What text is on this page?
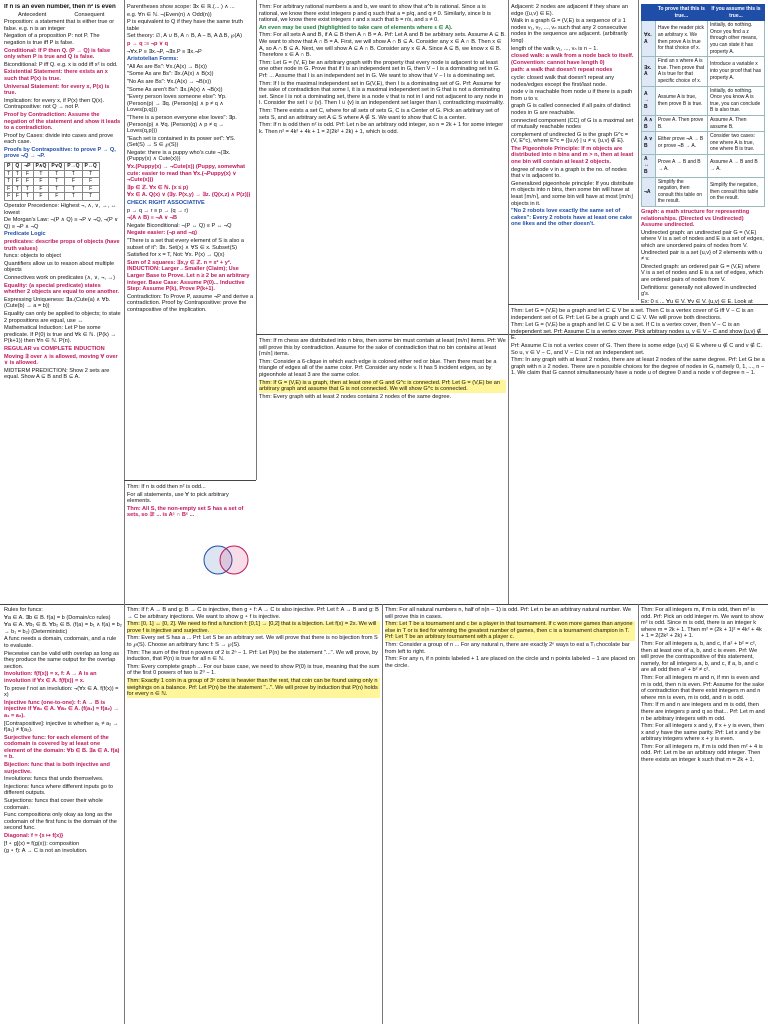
If n is an even number, then n² is even

Antecedent	Consequent

Proposition: a statement that is either true or false. e.g. n is an integer

Negation of a proposition P: not P. The negation is true iff P is false.

Conditional: If P then Q. (P → Q) is false only when P is true and Q is false.

Biconditional: P iff Q. e.g. x is odd iff x² is odd.

Existential Statement: there exists an x such that P(x) is true.

Universal Statement: for every x, P(x) is true.

Implication: for every x, if P(x) then Q(x). Contrapositive: not Q → not P.

Proof by Contradiction: Assume the negation of the statement and show it leads to a contradiction.

Proof by Cases: divide into cases and prove each case.

Proofs by Contrapositive: to prove P → Q, prove ¬Q → ¬P.

P	Q	¬P	P∧Q	P∨Q	P→Q	P↔Q
T	T	F	T	T	T	T
T	F	F	F	T	F	F
F	T	T	F	T	T	F
F	F	T	F	F	T	T

Operator Precedence: Highest ¬, ∧, ∨, →, ↔ lowest

De Morgan's Law: ¬(P ∧ Q) ≡ ¬P ∨ ¬Q, ¬(P ∨ Q) ≡ ¬P ∧ ¬Q

Predicate Logic

predicates: describe props of objects (have truth values)

funcs: objects to object

Quantifiers allow us to reason about multiple objects

Connectives work on predicates (∧, ∨, ¬, →)

Equality: (a special predicate) states whether 2 objects are equal to one another.

Expressing Uniqueness: ∃a.(Cute(a) ∧ ∀b.(Cute(b) → a = b))

Equality can only be applied to objects; to state 2 propositions are equal, use ↔

Mathematical Induction: Let P be some predicate. If P(0) is true and ∀k ∈ ℕ. (P(k) → P(k+1)) then ∀n ∈ ℕ. P(n).

REGULAR vs COMPLETE INDUCTION

Moving ∃ over ∧ is allowed, moving ∀ over ∨ is allowed.

MIDTERM PREDICTION: Show 2 sets are equal. Show A ⊆ B and B ⊆ A.

Parentheses show scope: ∃x ∈ ℝ.(... ) ∧ ...

e.g. ∀n ∈ ℕ. ¬(Even(n) ∧ Odd(n))

P is equivalent to Q if they have the same truth table

Set theory: ∅, A ∪ B, A ∩ B, A − B, A Δ B, ℘(A)

p → q :≡ ¬p ∨ q

¬∀x.P ≡ ∃x.¬P, ¬∃x.P ≡ ∃x.¬P

Aristotelian Forms:

"All As are Bs": ∀x.(A(x) → B(x))

"Some As are Bs": ∃x.(A(x) ∧ B(x))

"No As are Bs": ∀x.(A(x) → ¬B(x))

"Some As aren't Bs": ∃x.(A(x) ∧ ¬B(x))

"Every person loves someone else": ∀p. (Person(p) → ∃q. (Person(q) ∧ p ≠ q ∧ Loves(p,q)))

"There is a person everyone else loves": ∃p. (Person(p) ∧ ∀q. (Person(q) ∧ p ≠ q → Loves(q,p)))

"Each set is contained in its power set": ∀S. (Set(S) → S ∈ ℘(S))

Negate: there is a puppy who's cute ¬(∃x. (Puppy(x) ∧ Cute(x)))

∀x.(Puppy(x) → ¬Cute(x)) (Puppy, somewhat cute: easier to read than ∀x.(¬Puppy(x) ∨ ¬Cute(x)))

∃p ∈ ℤ. ∀x ∈ ℕ. (x ≤ p)

∀x ∈ A. Q(x) ∨ (∃y. P(x,y) → ∃z. (Q(x,z) ∧ P(z)))

CHECK RIGHT ASSOCIATIVE

p → q → r ≡ p → (q → r)

¬(A ∧ B) ≡ ¬A ∨ ¬B

Negate Biconditional: ¬(P ↔ Q) ≡ P ↔ ¬Q

Negate easier: (¬p and ¬q)

"There is a set that every element of S is also a subset of it": ∃x. Set(x) ∧ ∀S ∈ x. Subset(S)

Satisfied for x = T, Not: ∀x. P(x) → Q(x)

Sum of 2 squares: ∃x,y ∈ ℤ. n = x² + y². INDUCTION: Larger→Smaller (Claim); Use Larger Base to Prove. Let n ≥ 2 be an arbitrary integer. Base Case: Assume P(0)... Inductive Step: Assume P(k), Prove P(k+1).

Contradiction: To Prove P, assume ¬P and derive a contradiction. Proof by Contrapositive: prove the contrapositive of the implication.

Thm: For arbitrary rational numbers a and b, we want to show that a^b is rational. Since a is rational, we know there exist integers p and q such that a = p/q, and q ≠ 0. Similarly, since b is rational, we know there exist integers r and s such that b = r/s, and s ≠ 0.

An even may be used (highlighted to take care of elements where ε ∈ A).

Thm: For all sets A and B, if A ⊆ B then A ∩ B = A. Prf: Let A and B be arbitrary sets. Assume A ⊆ B. We want to show that A ∩ B = A. First, we will show A ∩ B ⊆ A. Consider any x ∈ A ∩ B. Then x ∈ A, so A ∩ B ⊆ A. Next, we will show A ⊆ A ∩ B. Consider any x ∈ A. Since A ⊆ B, we know x ∈ B. Therefore x ∈ A ∩ B.

Thm: Let G = (V, E) be an arbitrary graph with the property that every node is adjacent to at least one other node in G. Prove that if I is an independent set in G, then V − I is a dominating set in G. Prf: ... Assume that I is an independent set in G. We want to show that V − I is a dominating set.

Thm: If I is the maximal independent set in G(V,E), then I is a dominating set of G. Prf: Assume for the sake of contradiction that some I, it is a maximal independent set in G that is not a dominating set. Since I is not a dominating set, there is a node v that is not in I and not adjacent to any node in I. Consider the set I ∪ {v}. Then I ∪ {v} is an independent set larger than I, contradicting maximality.

Thm: There exists a set C, where for all sets of sets G, C is a Center of G. Pick an arbitrary set of sets S, and an arbitrary set A ⊆ S where A ∉ S. We want to show that C is a center.

Thm: If n is odd then n² is odd. Prf: Let n be an arbitrary odd integer, so n = 2k + 1 for some integer k. Then n² = 4k² + 4k + 1 = 2(2k² + 2k) + 1, which is odd.

Adjacent: 2 nodes are adjacent if they share an edge ({u,v} ∈ E).

Walk in a graph G = (V,E) is a sequence of ≥ 1 nodes v₁, v₂, ..., vₙ such that any 2 consecutive nodes in the sequence are adjacent. (arbitrarily long)

length of the walk v₁, ..., vₙ is n − 1.

closed walk: a walk from a node back to itself. (Convention: cannot have length 0)

path: a walk that doesn't repeat nodes

cycle: closed walk that doesn't repeat any nodes/edges except the first/last node.

node v is reachable from node u if there is a path from u to v.

graph G is called connected if all pairs of distinct nodes in G are reachable.

connected component (CC) of G is a maximal set of mutually reachable nodes

complement of undirected G is the graph G^c = (V, E^c), where E^c = {{u,v} | u ≠ v, {u,v} ∉ E}.

The Pigeonhole Principle: If m objects are distributed into n bins and m > n, then at least one bin will contain at least 2 objects.

degree of node v in a graph is the no. of nodes that v is adjacent to.

Generalized pigeonhole principle: If you distribute m objects into n bins, then some bin will have at least ⌈m/n⌉, and some bin will have at most ⌊m/n⌋ objects in it.

"No 2 robots love exactly the same set of cakes": Every 2 robots have at least one cake one likes and the other doesn't.

	To prove that this is true...	If you assume this is true...
∀x. A	Have the reader pick an arbitrary x. We then prove A is true for that choice of x.	Initially, do nothing. Once you find a z through other means, you can state it has property A.
∃x. A	Find an x where A is true. Then prove that A is true for that specific choice of x.	Introduce a variable x into your proof that has property A.
A → B	Assume A is true, then prove B is true.	Initially, do nothing. Once you know A is true, you can conclude B is also true.
A ∧ B	Prove A. Then prove B.	Assume A. Then assume B.
A ∨ B	Either prove ¬A → B or prove ¬B → A.	Consider two cases: one where A is true, one where B is true.
A ↔ B	Prove A → B and B → A.	Assume A → B and B → A.
¬A	Simplify the negation, then consult this table on the result.	Simplify the negation, then consult this table on the result.

Graph: a math structure for representing relationships. (Directed vs Undirected) Assume undirected.

Undirected graph: an undirected pair G = (V,E) where V is a set of nodes and E is a set of edges, which are unordered pairs of nodes from V. Undirected pair is a set {u,v} of 2 elements with u ≠ v.

Directed graph: an ordered pair G = (V,E) where V is a set of nodes and E is a set of edges, which are ordered pairs of nodes from V.

Definitions: generally not allowed in undirected g's.

Ex: 0 ≤ ... ∀u ∈ V. ∀v ∈ V. (u,v) ∈ E. Look at

Thm: If m chess are distributed into n bins, then some bin must contain at least ⌈m/n⌉ items. Prf: We will prove this by contradiction. Assume for the sake of contradiction that no bin contains at least ⌈m/n⌉ items.

Thm: Consider a 6-clique in which each edge is colored either red or blue. Then there must be a triangle of edges all of the same color. Prf: Consider any node v. It has 5 incident edges, so by pigeonhole at least 3 are the same color.

Thm: If G = (V,E) is a graph, then at least one of G and G^c is connected. Prf: Let G = (V,E) be an arbitrary graph and assume that G is not connected. We will show G^c is connected.

Thm: Every graph with at least 2 nodes contains 2 nodes of the same degree.

Thm: Let G = (V,E) be a graph and let C ⊆ V be a set. Then C is a vertex cover of G iff V − C is an independent set of G. Prf: Let G be a graph and C ⊆ V. We will prove both directions.

Thm: Let G = (V,E) be a graph and let C ⊆ V be a set. If C is a vertex cover, then V − C is an independent set. Prf: Assume C is a vertex cover. Pick arbitrary nodes u, v ∈ V − C and show {u,v} ∉ E.

Prf: Assume C is not a vertex cover of G. Then there is some edge {u,v} ∈ E where u ∉ C and v ∉ C. So u, v ∈ V − C, and V − C is not an independent set.

Thm: In any graph with at least 2 nodes, there are at least 2 nodes of the same degree. Prf: Let G be a graph with n ≥ 2 nodes. There are n possible choices for the degree of nodes in G, namely 0, 1, ..., n − 1. We claim that G cannot simultaneously have a node u of degree 0 and a node v of degree n − 1.

Thm: If n is odd then n² is odd...

For all statements, use ∀ to pick arbitrary elements.

Thm: All S, the non-empty set S has a set of sets, so ∃! ... is Aᶜ ∩ Bᶜ ...

Rules for funcs:

∀a ∈ A. ∃b ∈ B. f(a) = b (Domain/co rules)

∀a ∈ A. ∀b₁ ∈ B. ∀b₂ ∈ B. (f(a) = b₁ ∧ f(a) = b₂ → b₁ = b₂) (Deterministic)

A func needs a domain, codomain, and a rule to evaluate.

Piecewise can be valid with overlap as long as they produce the same output for the overlap section.

Involution: f(f(x)) = x, f: A → A is an involution if ∀x ∈ A. f(f(x)) = x.

To prove f not an involution: ¬(∀x ∈ A. f(f(x)) = x)

Injective func (one-to-one): f: A → B is injective if ∀a₁ ∈ A. ∀a₂ ∈ A. (f(a₁) = f(a₂) → a₁ = a₂).

[Contrapositive]: injective is whether a₁ ≠ a₂ → f(a₁) ≠ f(a₂).

Surjective func: for each element of the codomain is covered by at least one element of the domain: ∀b ∈ B. ∃a ∈ A. f(a) = b.

Bijection: func that is both injective and surjective.

Involutions: funcs that undo themselves.

Injections: funcs where different inputs go to different outputs.

Surjections: funcs that cover their whole codomain.

Func compositions only okay as long as the codomain of the first func is the domain of the second func.

Diagonal: f = {x ↦ f(x)}

[f ∘ g](x) = f(g(x)): composition

(g ∘ f): A → C is not an involution.

Thm: If f: A → B and g: B → C is injective, then g ∘ f: A → C is also injective. Prf: Let f: A → B and g: B → C be arbitrary injections. We want to show g ∘ f is injective.

Thm: [0, 1] ↔ [0, 2]. We need to find a function f: [0,1] → [0,2] that is a bijection. Let f(x) = 2x. We will prove f is injective and surjective.

Thm: Every set S has a ... Prf: Let S be an arbitrary set. We will prove that there is no bijection from S to ℘(S). Choose an arbitrary func f: S → ℘(S).

Thm: The sum of the first n powers of 2 is 2ⁿ − 1. Prf: Let P(n) be the statement "...". We will prove, by induction, that P(n) is true for all n ∈ ℕ.

Thm: Every complete graph ... For our base case, we need to show P(0) is true, meaning that the sum of the first 0 powers of two is 2⁰ − 1.

Thm: Exactly 1 coin in a group of 3ⁿ coins is heavier than the rest, that coin can be found using only n weighings on a balance. Prf: Let P(n) be the statement "...". We will prove by induction that P(n) holds for every n ∈ ℕ.

Thm: For all natural numbers n, half of n(n − 1) is odd. Prf: Let n be an arbitrary natural number. We will prove this in cases.

Thm: Let T be a tournament and c be a player in that tournament. If c won more games than anyone else in T or is tied for winning the greatest number of games, then c is a tournament champion in T. Prf: Let T be an arbitrary tournament with a player c.

Thm: Consider a group of n ... For any natural n, there are exactly 2ⁿ ways to eat a Tᵢ chocolate bar from left to right.

Thm: For any n, if n points labeled + 1 are placed on the circle and n points labeled − 1 are placed on the circle.

Thm: For all integers m, if m is odd, then m² is odd. Prf: Pick an odd integer m. We want to show m² is odd. Since m is odd, there is an integer k where m = 2k + 1. Then m² = (2k + 1)² = 4k² + 4k + 1 = 2(2k² + 2k) + 1.

Thm: For all integers a, b, and c, if a² + b² = c², then at least one of a, b, and c is even. Prf: We will prove the contrapositive of this statement, namely, for all integers a, b, and c, if a, b, and c are all odd then a² + b² ≠ c².

Thm: For all integers m and n, if mn is even and m is odd, then n is even. Prf: Assume for the sake of contradiction that there exist integers m and n where mn is even, m is odd, and n is odd.

Thm: If m and n are integers and m is odd, then there are integers p and q so that... Prf: Let m and n be arbitrary integers with m odd.

Thm: For all integers x and y, if x + y is even, then x and y have the same parity. Prf: Let x and y be arbitrary integers where x + y is even.

Thm: For all integers m, if m is odd then m² + 4 is odd. Prf: Let m be an arbitrary odd integer. Then there exists an integer k such that m = 2k + 1.
